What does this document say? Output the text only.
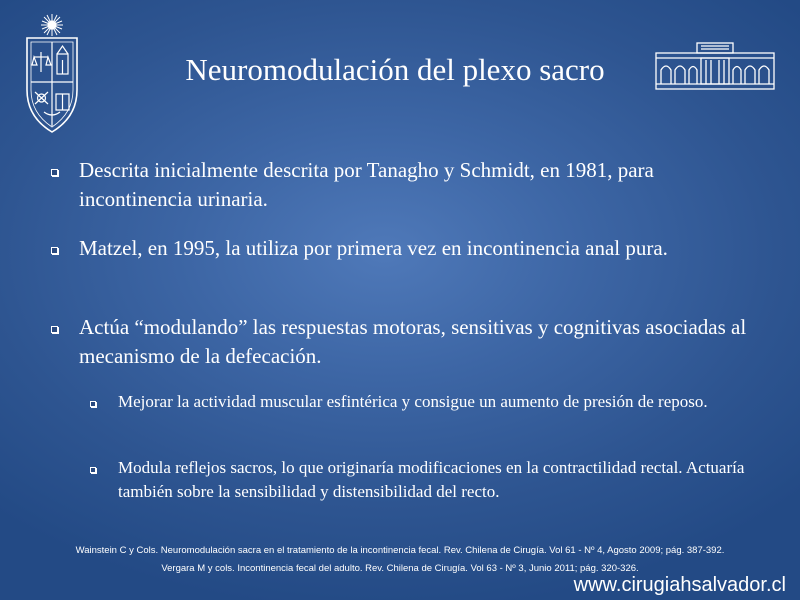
Neuromodulación del plexo sacro
Descrita inicialmente descrita por Tanagho y Schmidt, en 1981, para incontinencia urinaria.
Matzel, en 1995, la utiliza por primera vez en incontinencia anal pura.
Actúa “modulando” las respuestas motoras, sensitivas y cognitivas asociadas al mecanismo de la defecación.
Mejorar la actividad muscular esfintérica y consigue un aumento de presión de reposo.
Modula reflejos sacros, lo que originaría modificaciones en la contractilidad rectal. Actuaría también sobre la sensibilidad y distensibilidad del recto.
Wainstein C y Cols. Neuromodulación sacra en el tratamiento de la incontinencia fecal. Rev. Chilena de Cirugía. Vol 61 - Nº 4, Agosto 2009; pág. 387-392.
Vergara M y cols. Incontinencia fecal del adulto. Rev. Chilena de Cirugía. Vol 63 - Nº 3, Junio 2011; pág. 320-326.
www.cirugiahsalvador.cl
